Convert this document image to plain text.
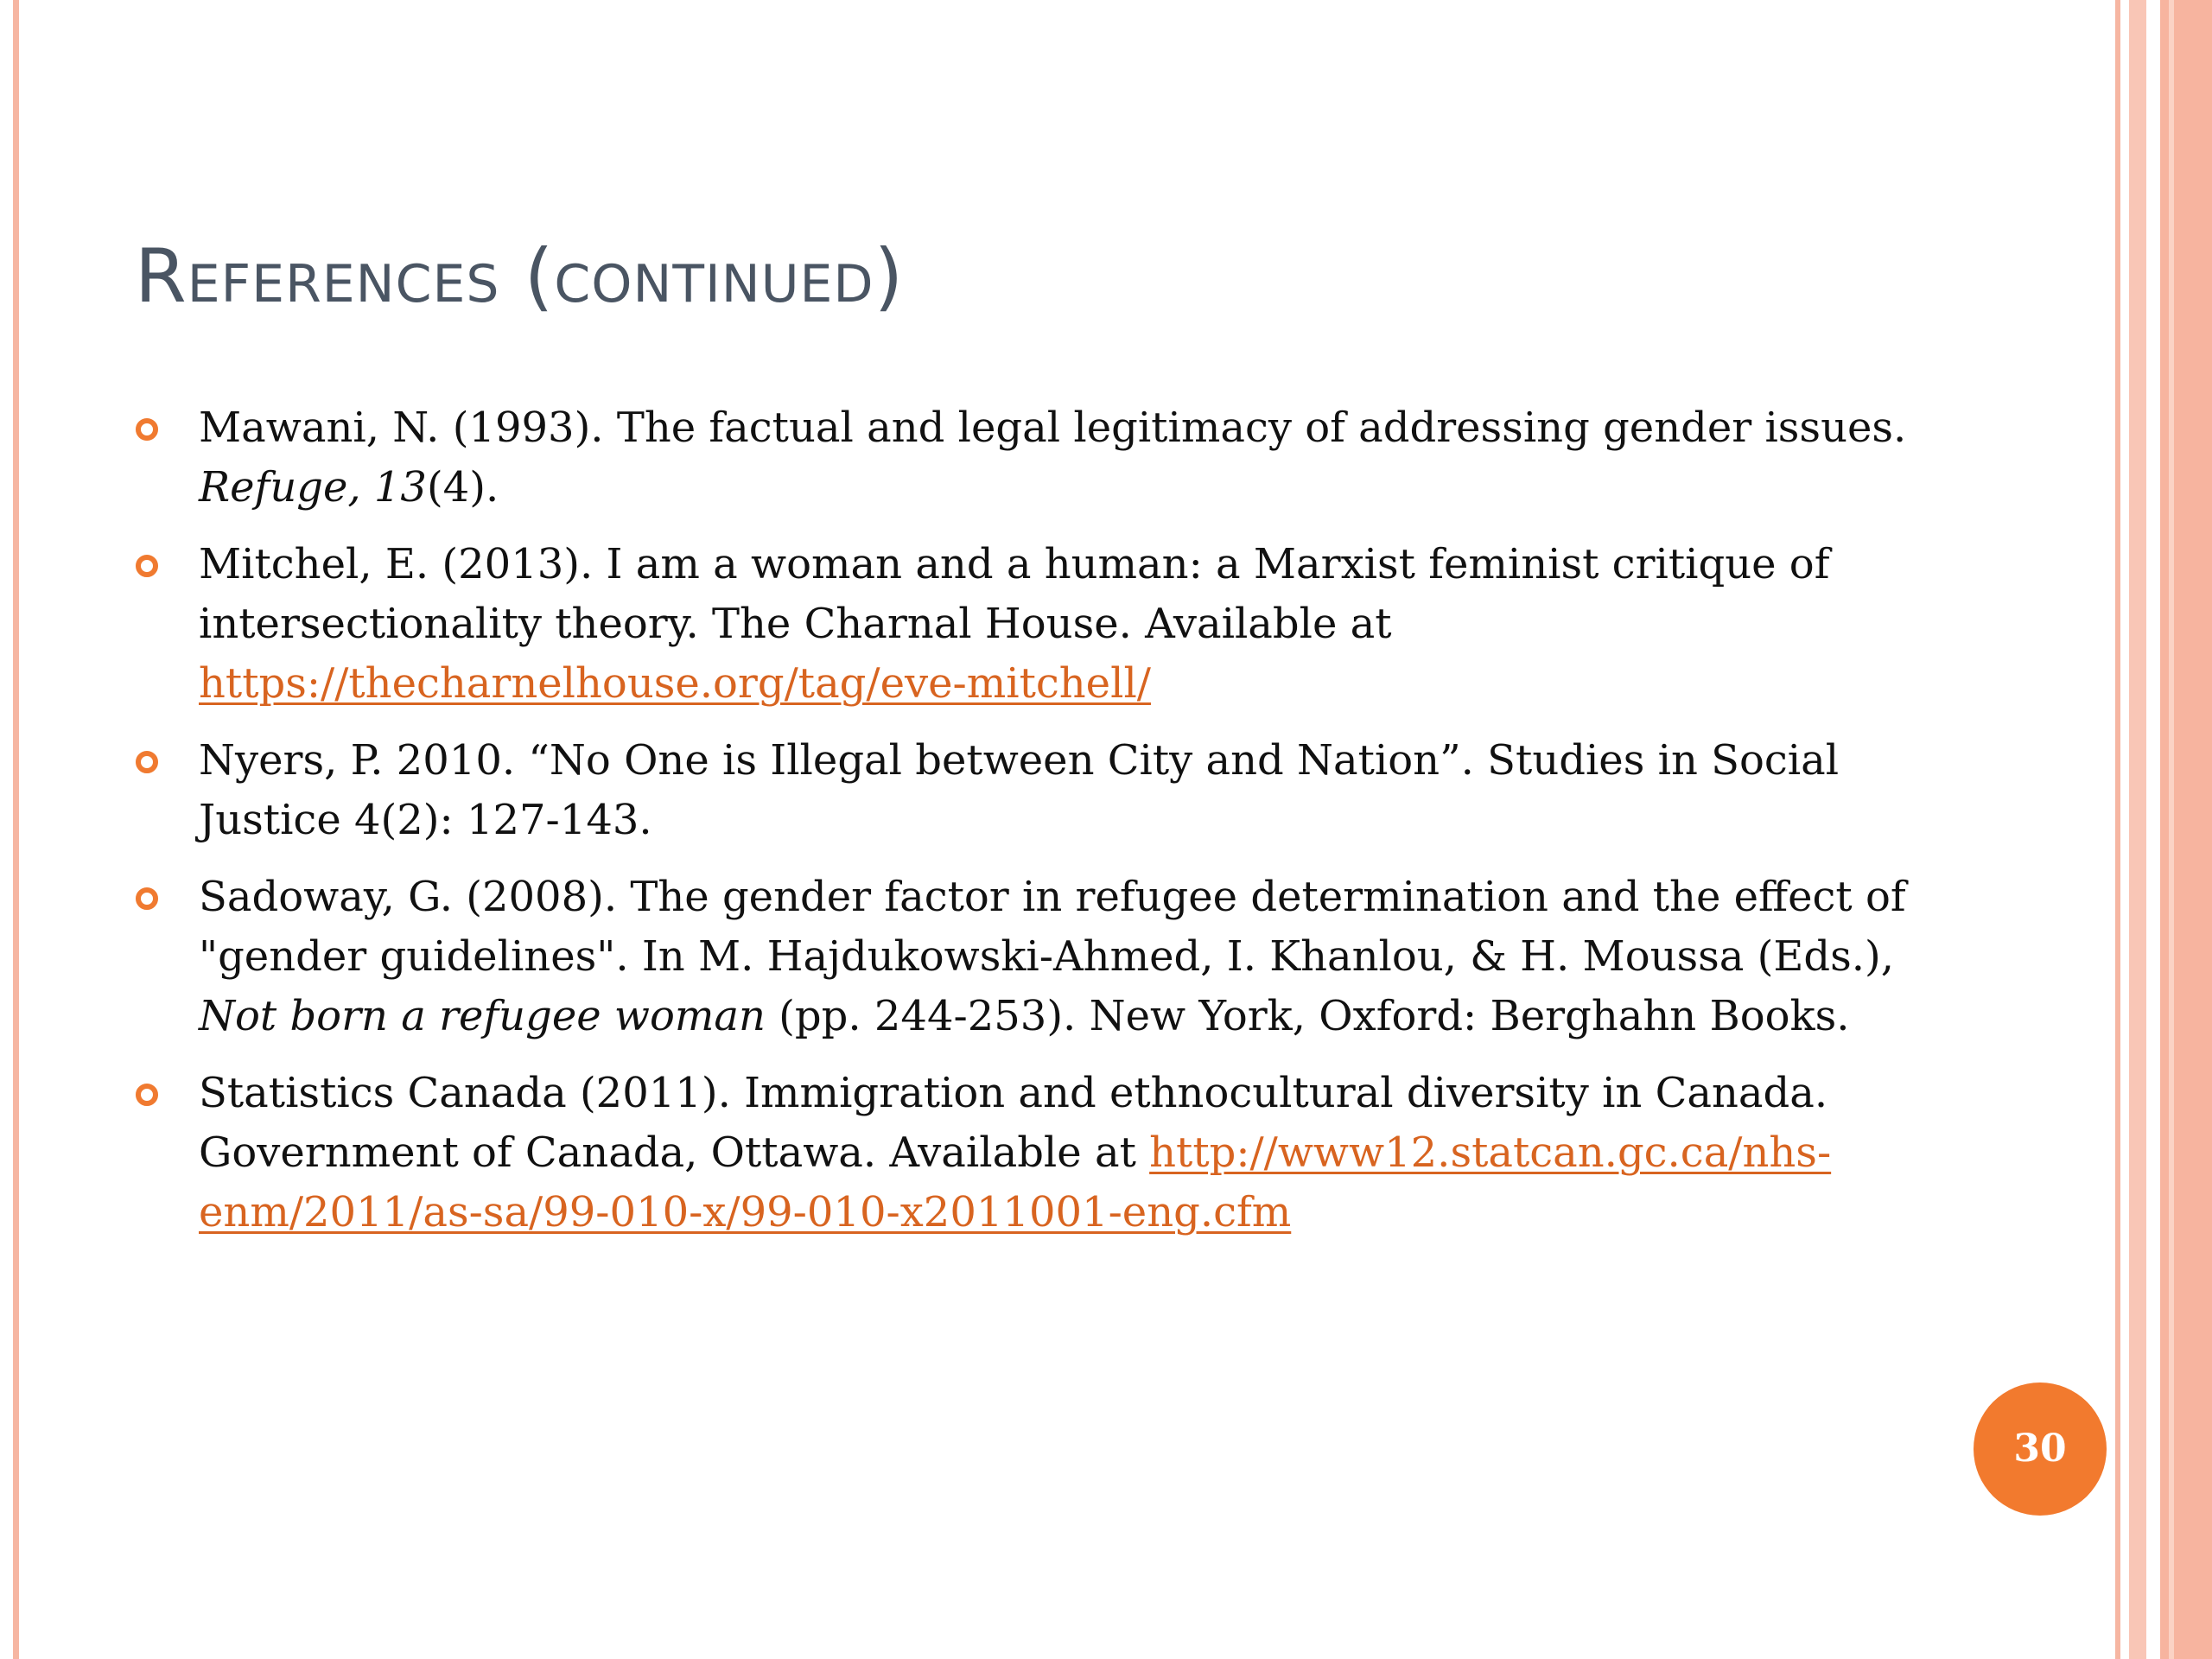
References (continued)
Mawani, N. (1993). The factual and legal legitimacy of addressing gender issues. Refuge, 13(4).
Mitchel, E. (2013). I am a woman and a human: a Marxist feminist critique of intersectionality theory. The Charnal House. Available at https://thecharnelhouse.org/tag/eve-mitchell/
Nyers, P. 2010. “No One is Illegal between City and Nation”. Studies in Social Justice 4(2): 127-143.
Sadoway, G. (2008). The gender factor in refugee determination and the effect of "gender guidelines". In M. Hajdukowski-Ahmed, I. Khanlou, & H. Moussa (Eds.), Not born a refugee woman (pp. 244-253). New York, Oxford: Berghahn Books.
Statistics Canada (2011). Immigration and ethnocultural diversity in Canada. Government of Canada, Ottawa. Available at http://www12.statcan.gc.ca/nhs-enm/2011/as-sa/99-010-x/99-010-x2011001-eng.cfm
30
